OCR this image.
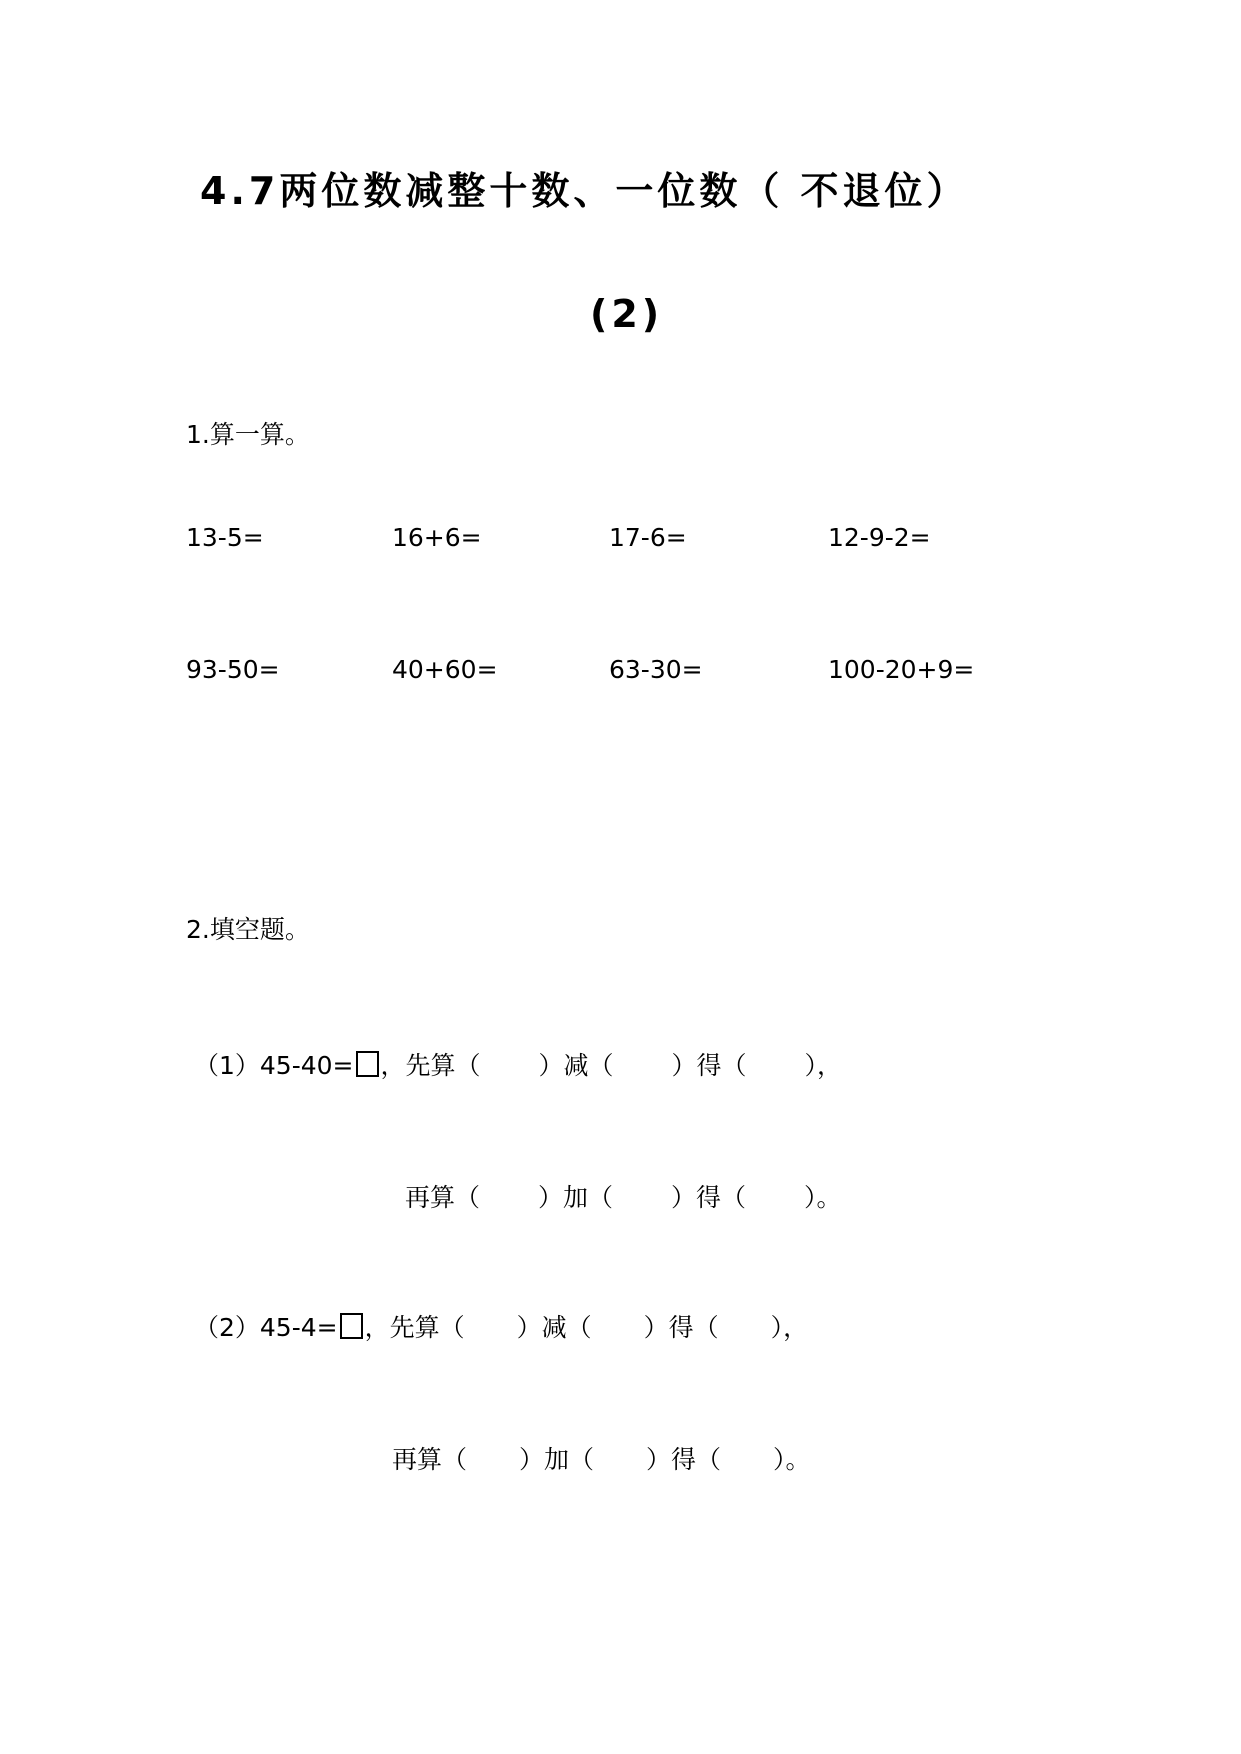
4.7两位数减整十数、一位数（ 不退位）
(2)
1.算一算。
13-5=	16+6=	17-6=	12-9-2=
93-50=	40+60=	63-30=	100-20+9=
2.填空题。
（1）45-40= ，先算（ ）减（ ）得（ ），
再算（ ）加（ ）得（ ）。
（2）45-4= ，先算（ ）减（ ）得（ ），
再算（ ）加（ ）得（ ）。
